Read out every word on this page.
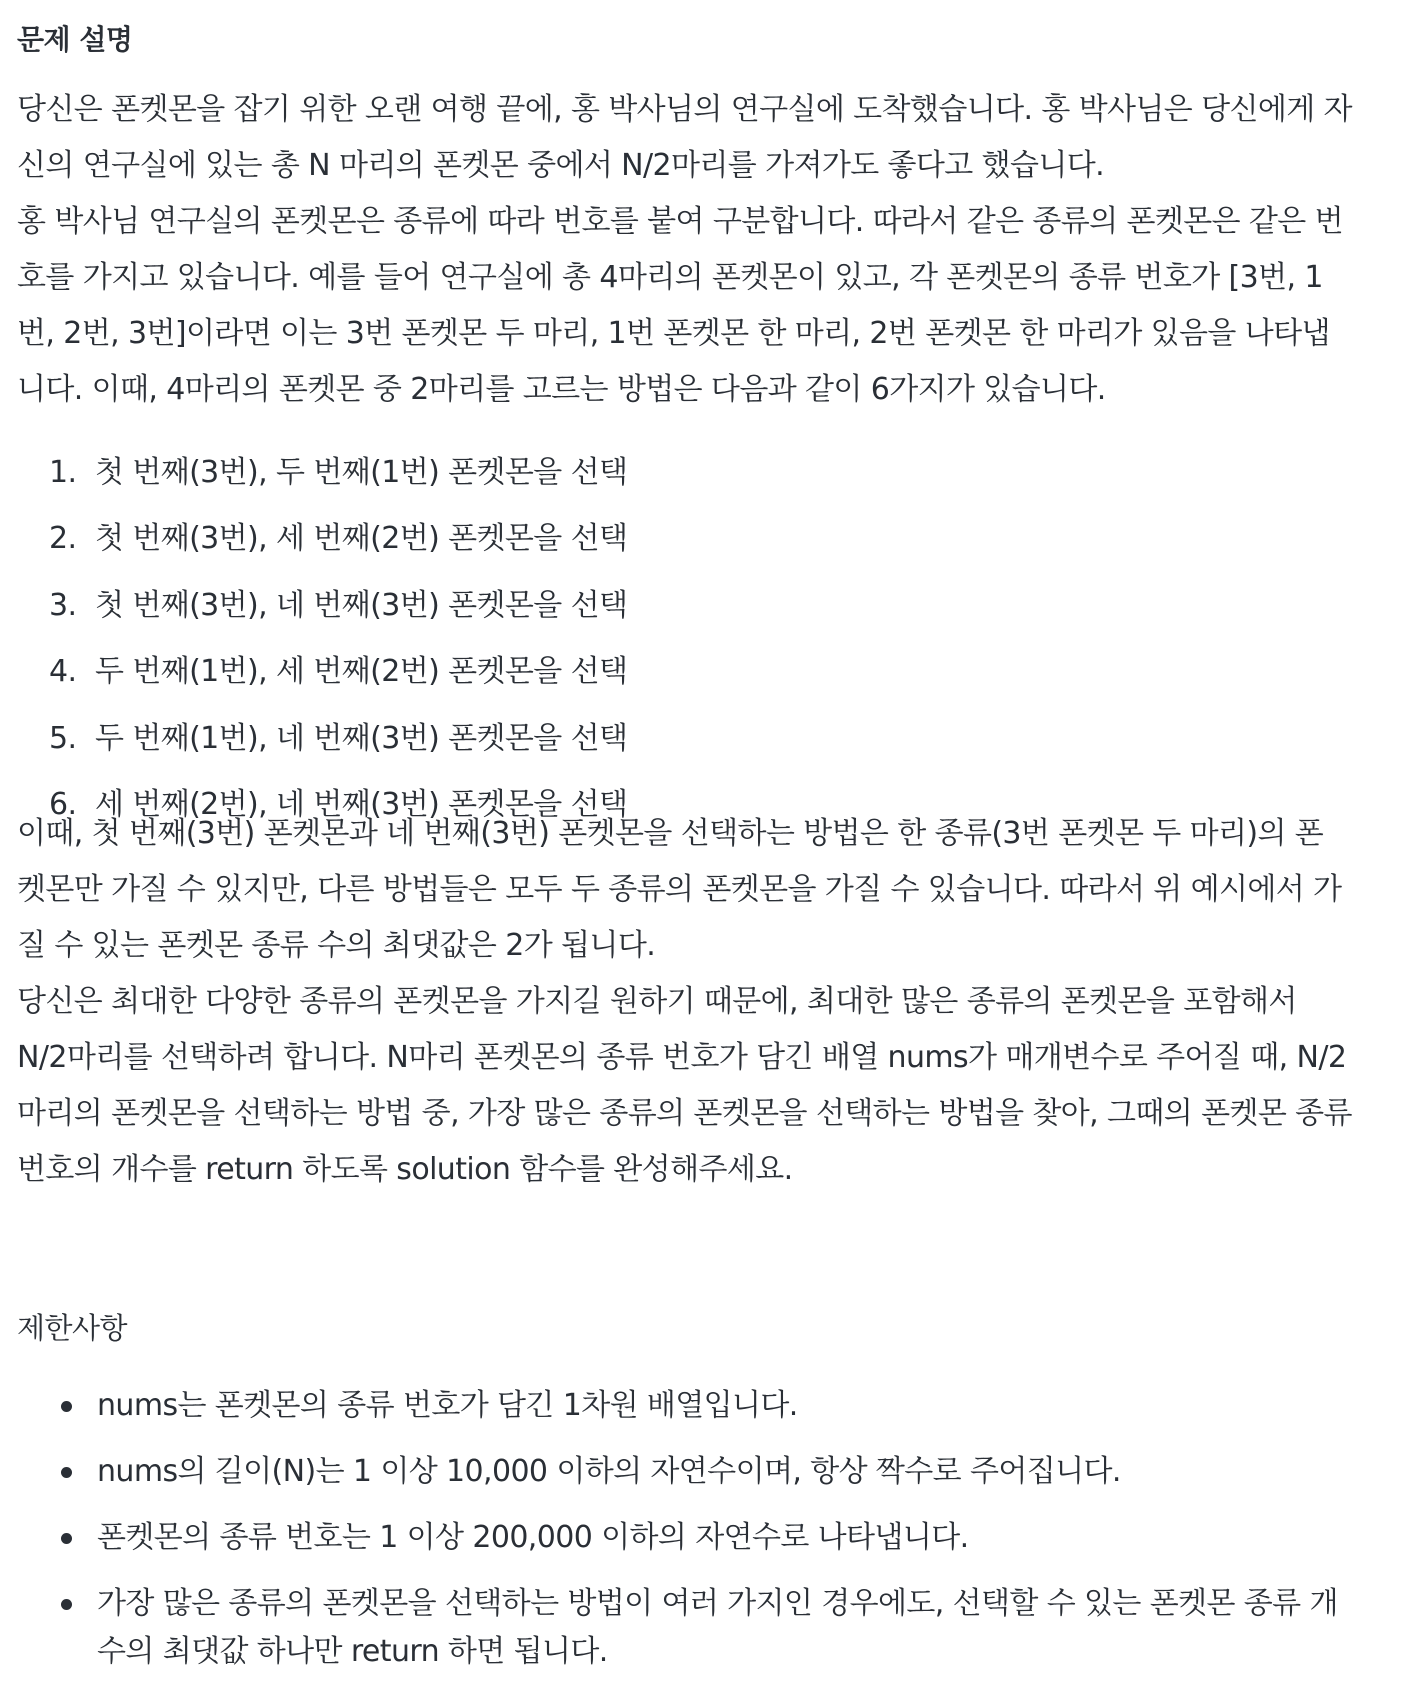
문제 설명

당신은 폰켓몬을 잡기 위한 오랜 여행 끝에, 홍 박사님의 연구실에 도착했습니다. 홍 박사님은 당신에게 자
신의 연구실에 있는 총 N 마리의 폰켓몬 중에서 N/2마리를 가져가도 좋다고 했습니다.
홍 박사님 연구실의 폰켓몬은 종류에 따라 번호를 붙여 구분합니다. 따라서 같은 종류의 폰켓몬은 같은 번
호를 가지고 있습니다. 예를 들어 연구실에 총 4마리의 폰켓몬이 있고, 각 폰켓몬의 종류 번호가 [3번, 1
번, 2번, 3번]이라면 이는 3번 폰켓몬 두 마리, 1번 폰켓몬 한 마리, 2번 폰켓몬 한 마리가 있음을 나타냅
니다. 이때, 4마리의 폰켓몬 중 2마리를 고르는 방법은 다음과 같이 6가지가 있습니다.

1. 첫 번째(3번), 두 번째(1번) 폰켓몬을 선택
2. 첫 번째(3번), 세 번째(2번) 폰켓몬을 선택
3. 첫 번째(3번), 네 번째(3번) 폰켓몬을 선택
4. 두 번째(1번), 세 번째(2번) 폰켓몬을 선택
5. 두 번째(1번), 네 번째(3번) 폰켓몬을 선택
6. 세 번째(2번), 네 번째(3번) 폰켓몬을 선택

이때, 첫 번째(3번) 폰켓몬과 네 번째(3번) 폰켓몬을 선택하는 방법은 한 종류(3번 폰켓몬 두 마리)의 폰
켓몬만 가질 수 있지만, 다른 방법들은 모두 두 종류의 폰켓몬을 가질 수 있습니다. 따라서 위 예시에서 가
질 수 있는 폰켓몬 종류 수의 최댓값은 2가 됩니다.
당신은 최대한 다양한 종류의 폰켓몬을 가지길 원하기 때문에, 최대한 많은 종류의 폰켓몬을 포함해서
N/2마리를 선택하려 합니다. N마리 폰켓몬의 종류 번호가 담긴 배열 nums가 매개변수로 주어질 때, N/2
마리의 폰켓몬을 선택하는 방법 중, 가장 많은 종류의 폰켓몬을 선택하는 방법을 찾아, 그때의 폰켓몬 종류
번호의 개수를 return 하도록 solution 함수를 완성해주세요.

제한사항
nums는 폰켓몬의 종류 번호가 담긴 1차원 배열입니다.
nums의 길이(N)는 1 이상 10,000 이하의 자연수이며, 항상 짝수로 주어집니다.
폰켓몬의 종류 번호는 1 이상 200,000 이하의 자연수로 나타냅니다.
가장 많은 종류의 폰켓몬을 선택하는 방법이 여러 가지인 경우에도, 선택할 수 있는 폰켓몬 종류 개
수의 최댓값 하나만 return 하면 됩니다.
